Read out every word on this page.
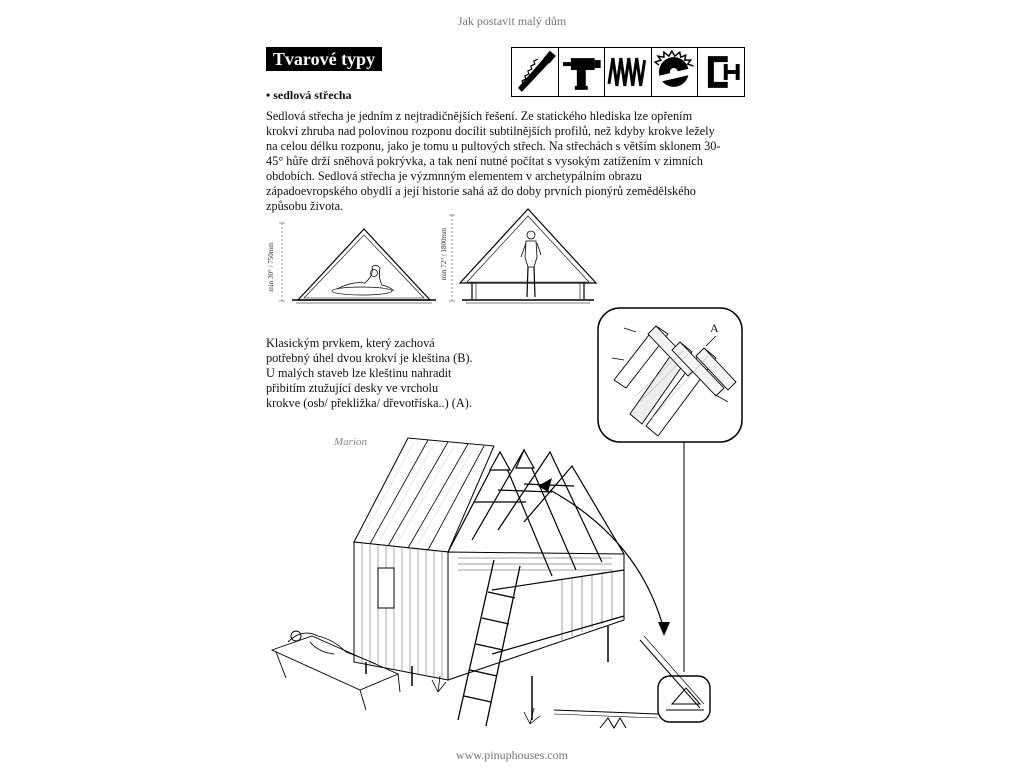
Jak postavit malý dům
Tvarové typy
• sedlová střecha
Sedlová střecha je jedním z nejtradičnějších řešení. Ze statického hlediska lze opřením
krokví zhruba nad polovinou rozponu docílit subtilnějších profilů, než kdyby krokve ležely
na celou délku rozponu, jako je tomu u pultových střech. Na střechách s větším sklonem 30-
45° hůře drží sněhová pokrývka, a tak není nutné počítat s vysokým zatížením v zimních
obdobích. Sedlová střecha je výzmnným elementem v archetypálním obrazu
západoevropského obydlí a její historie sahá až do doby prvních pionýrů zemědělského
způsobu života.
min 30° / 750mm	min 72° / 1800mm
Klasickým prvkem, který zachová
potřebný úhel dvou krokví je kleština (B).
U malých staveb lze kleštinu nahradit
přibitím ztužující desky ve vrcholu
krokve (osb/ překližka/ dřevotříska..) (A).
A
Marion
www.pinuphouses.com
